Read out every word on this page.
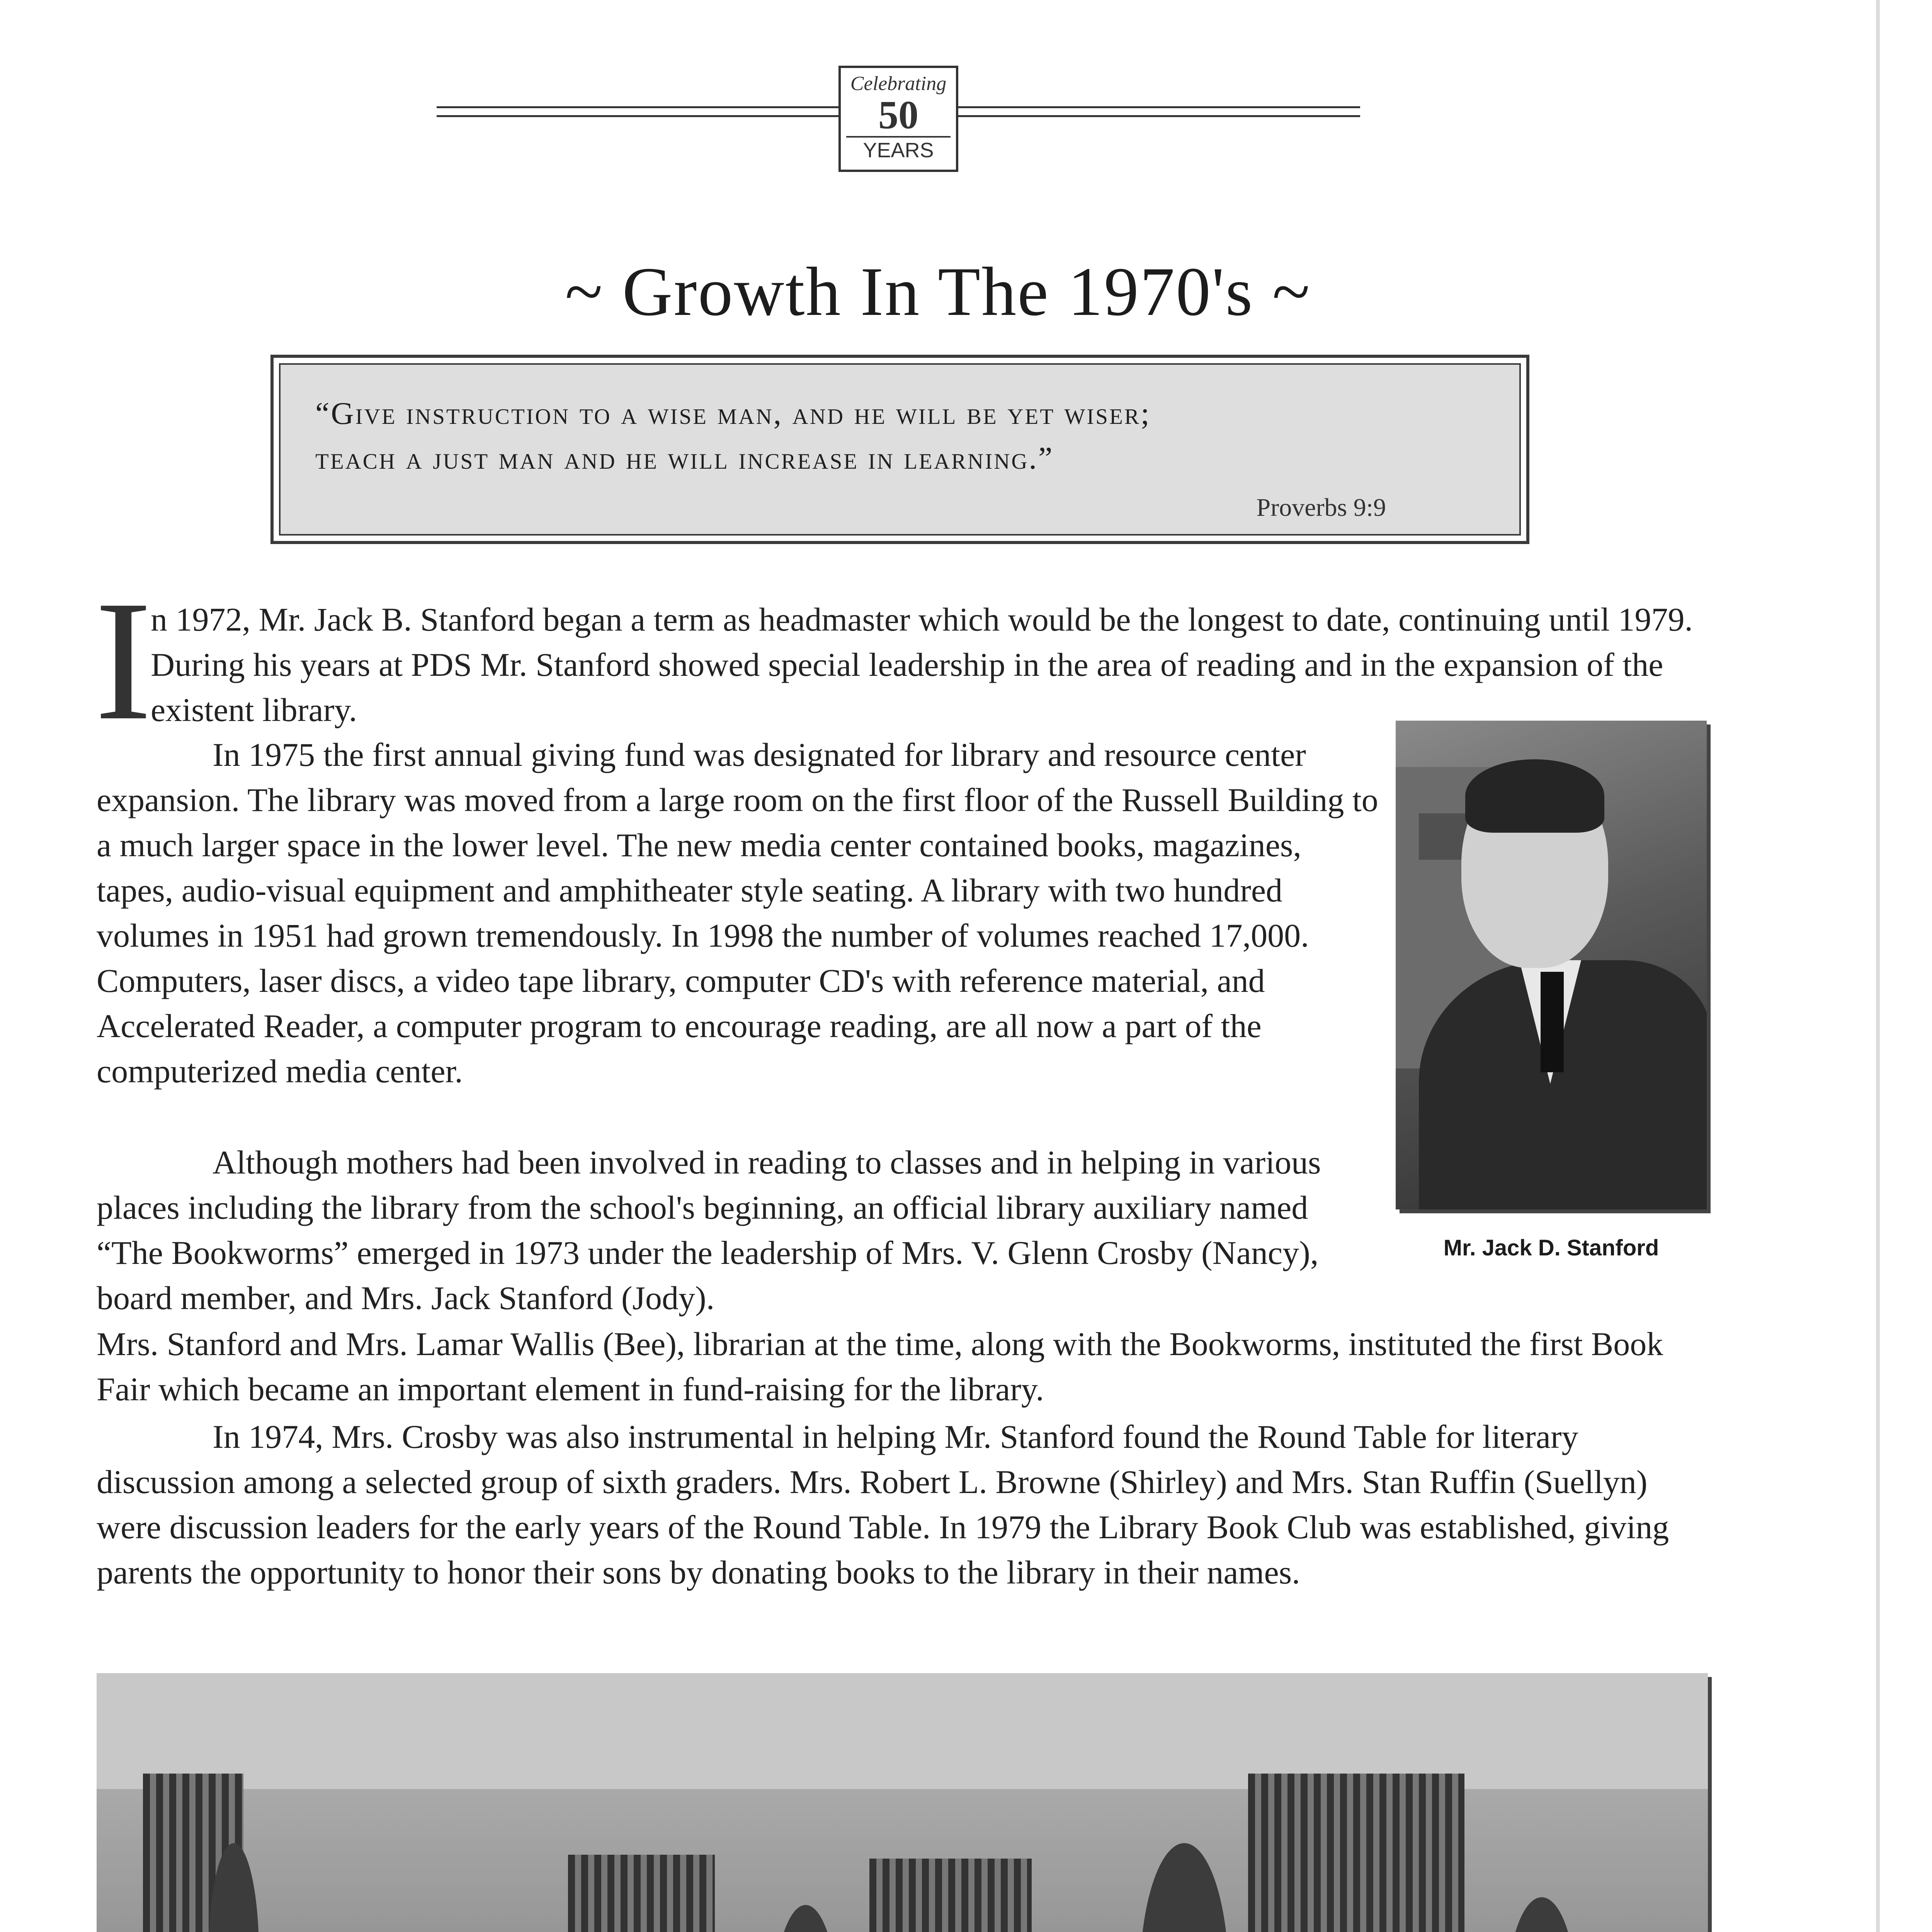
Celebrating
50
YEARS
~ Growth In The 1970's ~
“Give instruction to a wise man, and he will be yet wiser;
teach a just man and he will increase in learning.”
Proverbs 9:9
I

n 1972, Mr. Jack B. Stanford began a term as headmaster which would be the longest to date, continuing until 1979. During his years at PDS Mr. Stanford showed special leadership in the area of reading and in the expansion of the existent library.

In 1975 the first annual giving fund was designated for library and resource center expansion. The library was moved from a large room on the first floor of the Russell Building to a much larger space in the lower level. The new media center contained books, magazines, tapes, audio-visual equipment and amphitheater style seating. A library with two hundred volumes in 1951 had grown tremendously. In 1998 the number of volumes reached 17,000. Computers, laser discs, a video tape library, computer CD's with reference material, and Accelerated Reader, a computer program to encourage reading, are all now a part of the computerized media center.

Although mothers had been involved in reading to classes and in helping in various places including the library from the school's beginning, an official library auxiliary named “The Bookworms” emerged in 1973 under the leadership of Mrs. V. Glenn Crosby (Nancy), board member, and Mrs. Jack Stanford (Jody).

Mrs. Stanford and Mrs. Lamar Wallis (Bee), librarian at the time, along with the Bookworms, instituted the first Book Fair which became an important element in fund-raising for the library.

In 1974, Mrs. Crosby was also instrumental in helping Mr. Stanford found the Round Table for literary discussion among a selected group of sixth graders. Mrs. Robert L. Browne (Shirley) and Mrs. Stan Ruffin (Suellyn) were discussion leaders for the early years of the Round Table. In 1979 the Library Book Club was established, giving parents the opportunity to honor their sons by donating books to the library in their names.

Mr. Jack D. Stanford
